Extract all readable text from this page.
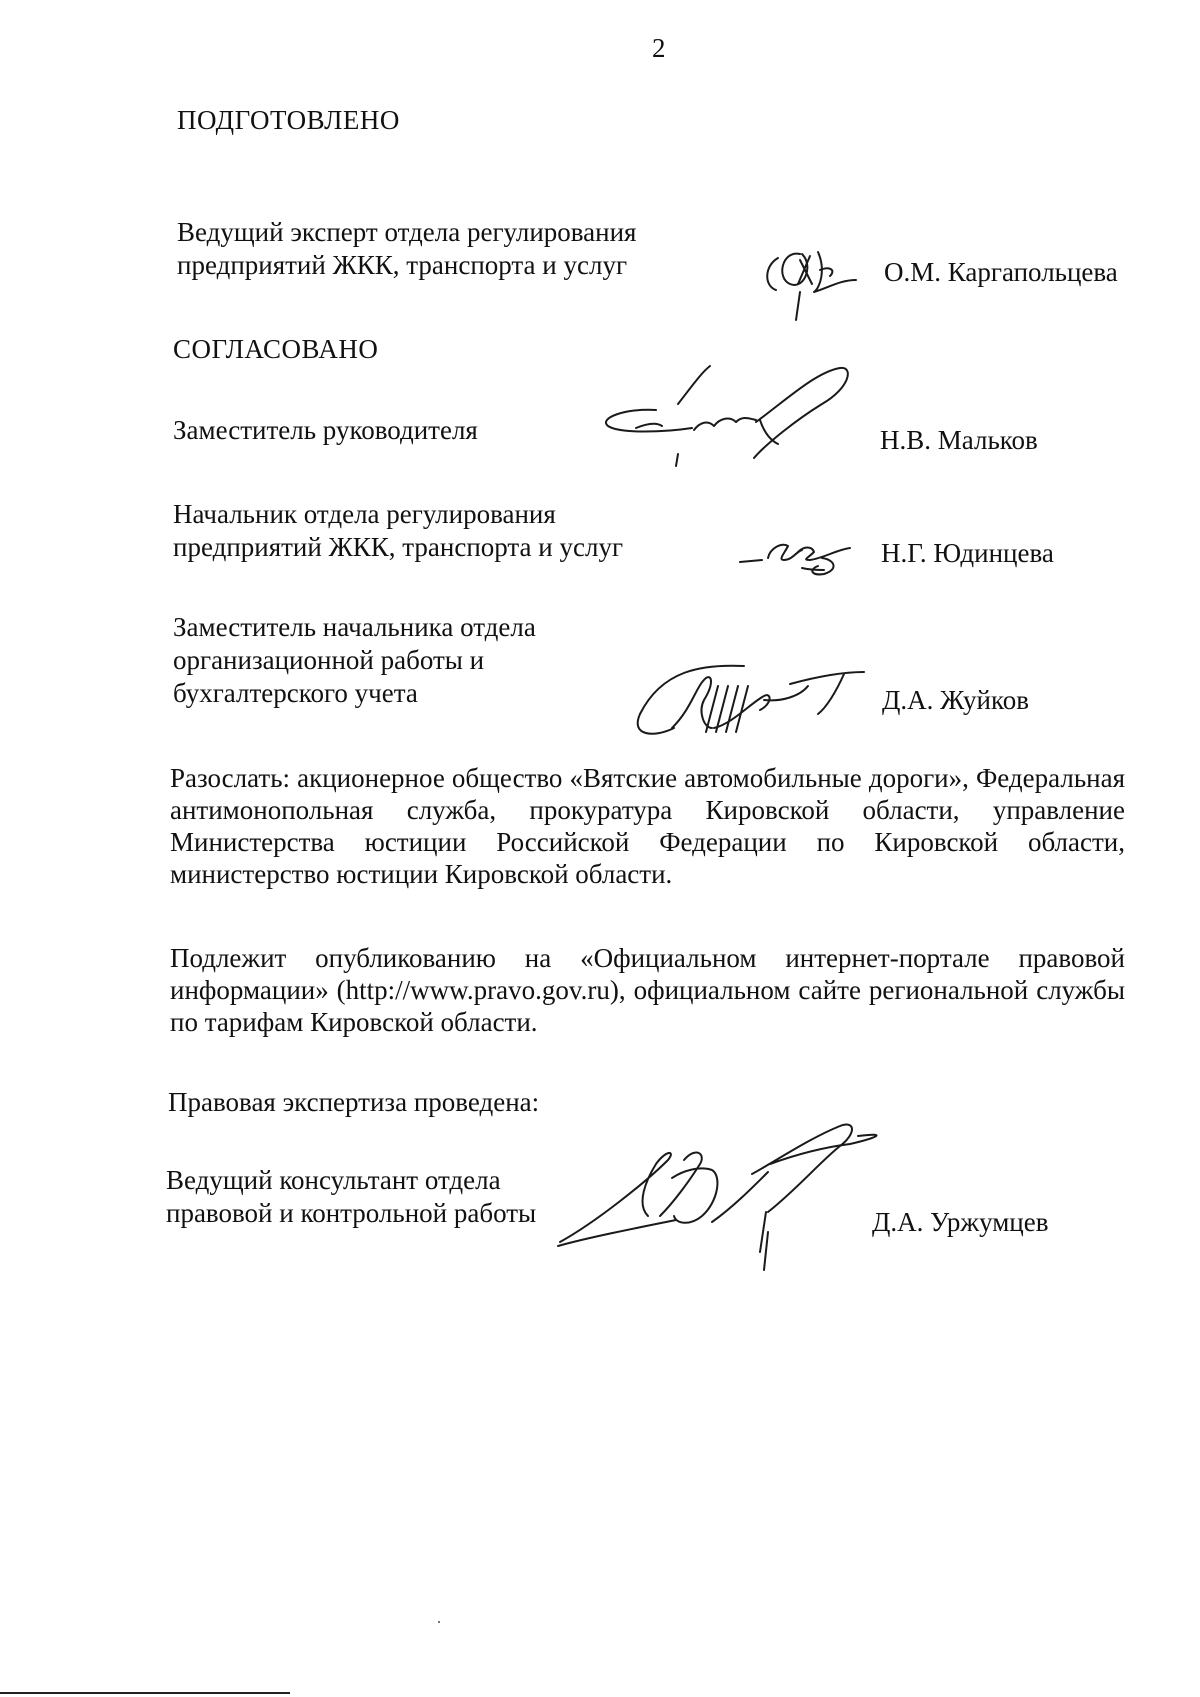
2
ПОДГОТОВЛЕНО
Ведущий эксперт отдела регулирования
предприятий ЖКК, транспорта и услуг	О.М. Каргапольцева
СОГЛАСОВАНО
Заместитель руководителя	Н.В. Мальков
Начальник отдела регулирования
предприятий ЖКК, транспорта и услуг	Н.Г. Юдинцева
Заместитель начальника отдела
организационной работы и
бухгалтерского учета	Д.А. Жуйков
Разослать: акционерное общество «Вятские автомобильные дороги», Федеральная антимонопольная служба, прокуратура Кировской области, управление Министерства юстиции Российской Федерации по Кировской области, министерство юстиции Кировской области.
Подлежит опубликованию на «Официальном интернет-портале правовой информации» (http://www.pravo.gov.ru), официальном сайте региональной службы по тарифам Кировской области.
Правовая экспертиза проведена:
Ведущий консультант отдела
правовой и контрольной работы	Д.А. Уржумцев
